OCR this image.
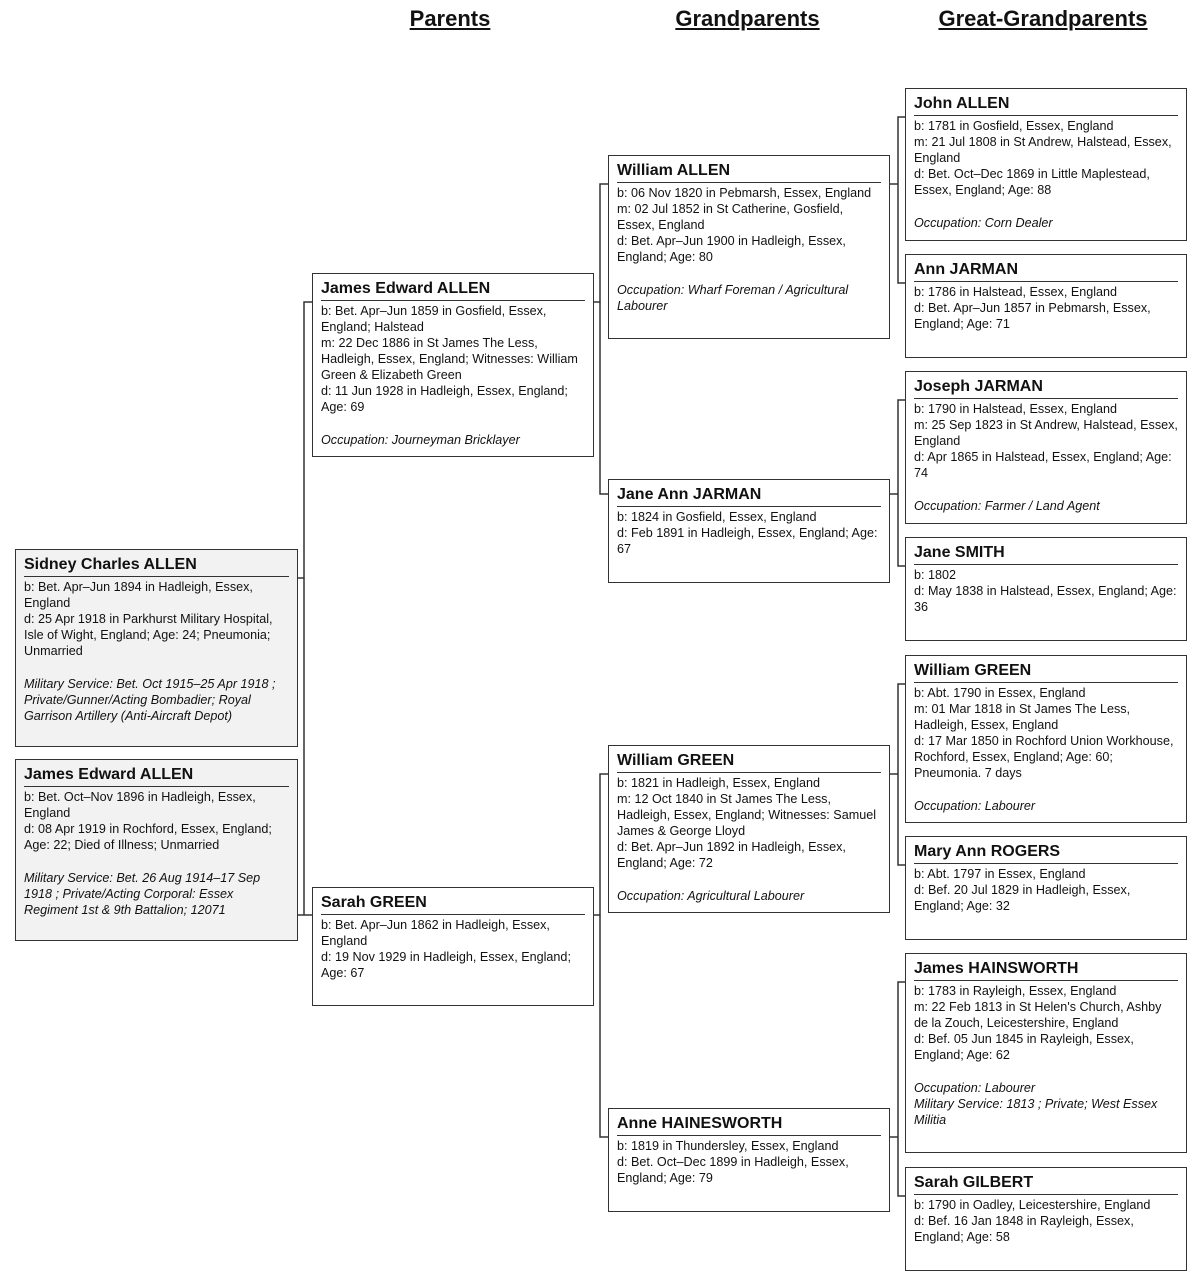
Parents	Grandparents	Great-Grandparents
Sidney Charles ALLEN
b: Bet. Apr–Jun 1894 in Hadleigh, Essex, England
d: 25 Apr 1918 in Parkhurst Military Hospital, Isle of Wight, England; Age: 24; Pneumonia; Unmarried
Military Service: Bet. Oct 1915–25 Apr 1918 ; Private/Gunner/Acting Bombadier; Royal Garrison Artillery (Anti-Aircraft Depot)
James Edward ALLEN
b: Bet. Oct–Nov 1896 in Hadleigh, Essex, England
d: 08 Apr 1919 in Rochford, Essex, England; Age: 22; Died of Illness; Unmarried
Military Service: Bet. 26 Aug 1914–17 Sep 1918 ; Private/Acting Corporal: Essex Regiment 1st & 9th Battalion; 12071
James Edward ALLEN
b: Bet. Apr–Jun 1859 in Gosfield, Essex, England; Halstead
m: 22 Dec 1886 in St James The Less, Hadleigh, Essex, England; Witnesses: William Green & Elizabeth Green
d: 11 Jun 1928 in Hadleigh, Essex, England; Age: 69
Occupation: Journeyman Bricklayer
Sarah GREEN
b: Bet. Apr–Jun 1862 in Hadleigh, Essex, England
d: 19 Nov 1929 in Hadleigh, Essex, England; Age: 67
William ALLEN
b: 06 Nov 1820 in Pebmarsh, Essex, England
m: 02 Jul 1852 in St Catherine, Gosfield, Essex, England
d: Bet. Apr–Jun 1900 in Hadleigh, Essex, England; Age: 80
Occupation: Wharf Foreman / Agricultural Labourer
Jane Ann JARMAN
b: 1824 in Gosfield, Essex, England
d: Feb 1891 in Hadleigh, Essex, England; Age: 67
William GREEN
b: 1821 in Hadleigh, Essex, England
m: 12 Oct 1840 in St James The Less, Hadleigh, Essex, England; Witnesses: Samuel James & George Lloyd
d: Bet. Apr–Jun 1892 in Hadleigh, Essex, England; Age: 72
Occupation: Agricultural Labourer
Anne HAINESWORTH
b: 1819 in Thundersley, Essex, England
d: Bet. Oct–Dec 1899 in Hadleigh, Essex, England; Age: 79
John ALLEN
b: 1781 in Gosfield, Essex, England
m: 21 Jul 1808 in St Andrew, Halstead, Essex, England
d: Bet. Oct–Dec 1869 in Little Maplestead, Essex, England; Age: 88
Occupation: Corn Dealer
Ann JARMAN
b: 1786 in Halstead, Essex, England
d: Bet. Apr–Jun 1857 in Pebmarsh, Essex, England; Age: 71
Joseph JARMAN
b: 1790 in Halstead, Essex, England
m: 25 Sep 1823 in St Andrew, Halstead, Essex, England
d: Apr 1865 in Halstead, Essex, England; Age: 74
Occupation: Farmer / Land Agent
Jane SMITH
b: 1802
d: May 1838 in Halstead, Essex, England; Age: 36
William GREEN
b: Abt. 1790 in Essex, England
m: 01 Mar 1818 in St James The Less, Hadleigh, Essex, England
d: 17 Mar 1850 in Rochford Union Workhouse, Rochford, Essex, England; Age: 60; Pneumonia. 7 days
Occupation: Labourer
Mary Ann ROGERS
b: Abt. 1797 in Essex, England
d: Bef. 20 Jul 1829 in Hadleigh, Essex, England; Age: 32
James HAINSWORTH
b: 1783 in Rayleigh, Essex, England
m: 22 Feb 1813 in St Helen's Church, Ashby de la Zouch, Leicestershire, England
d: Bef. 05 Jun 1845 in Rayleigh, Essex, England; Age: 62
Occupation: Labourer
Military Service: 1813 ; Private; West Essex Militia
Sarah GILBERT
b: 1790 in Oadley, Leicestershire, England
d: Bef. 16 Jan 1848 in Rayleigh, Essex, England; Age: 58
